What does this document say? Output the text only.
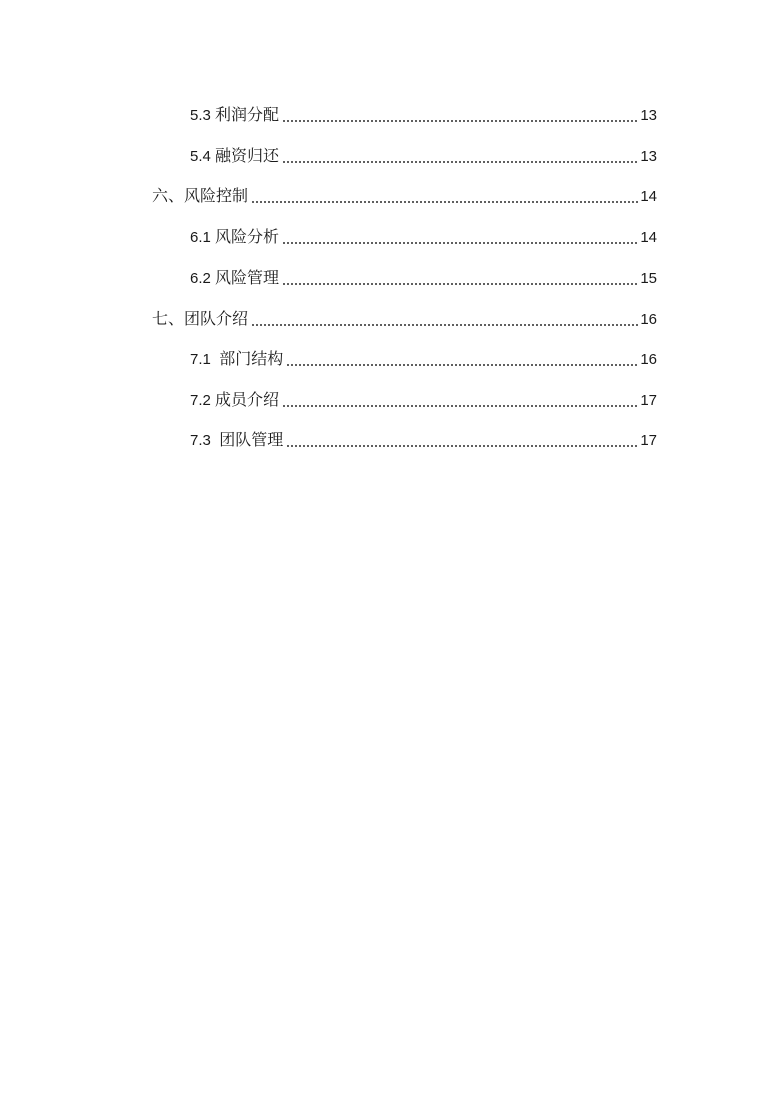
5.3 利润分配	13
5.4 融资归还	13
六、风险控制	14
6.1 风险分析	14
6.2 风险管理	15
七、团队介绍	16
7.1  部门结构	16
7.2 成员介绍	17
7.3  团队管理	17
